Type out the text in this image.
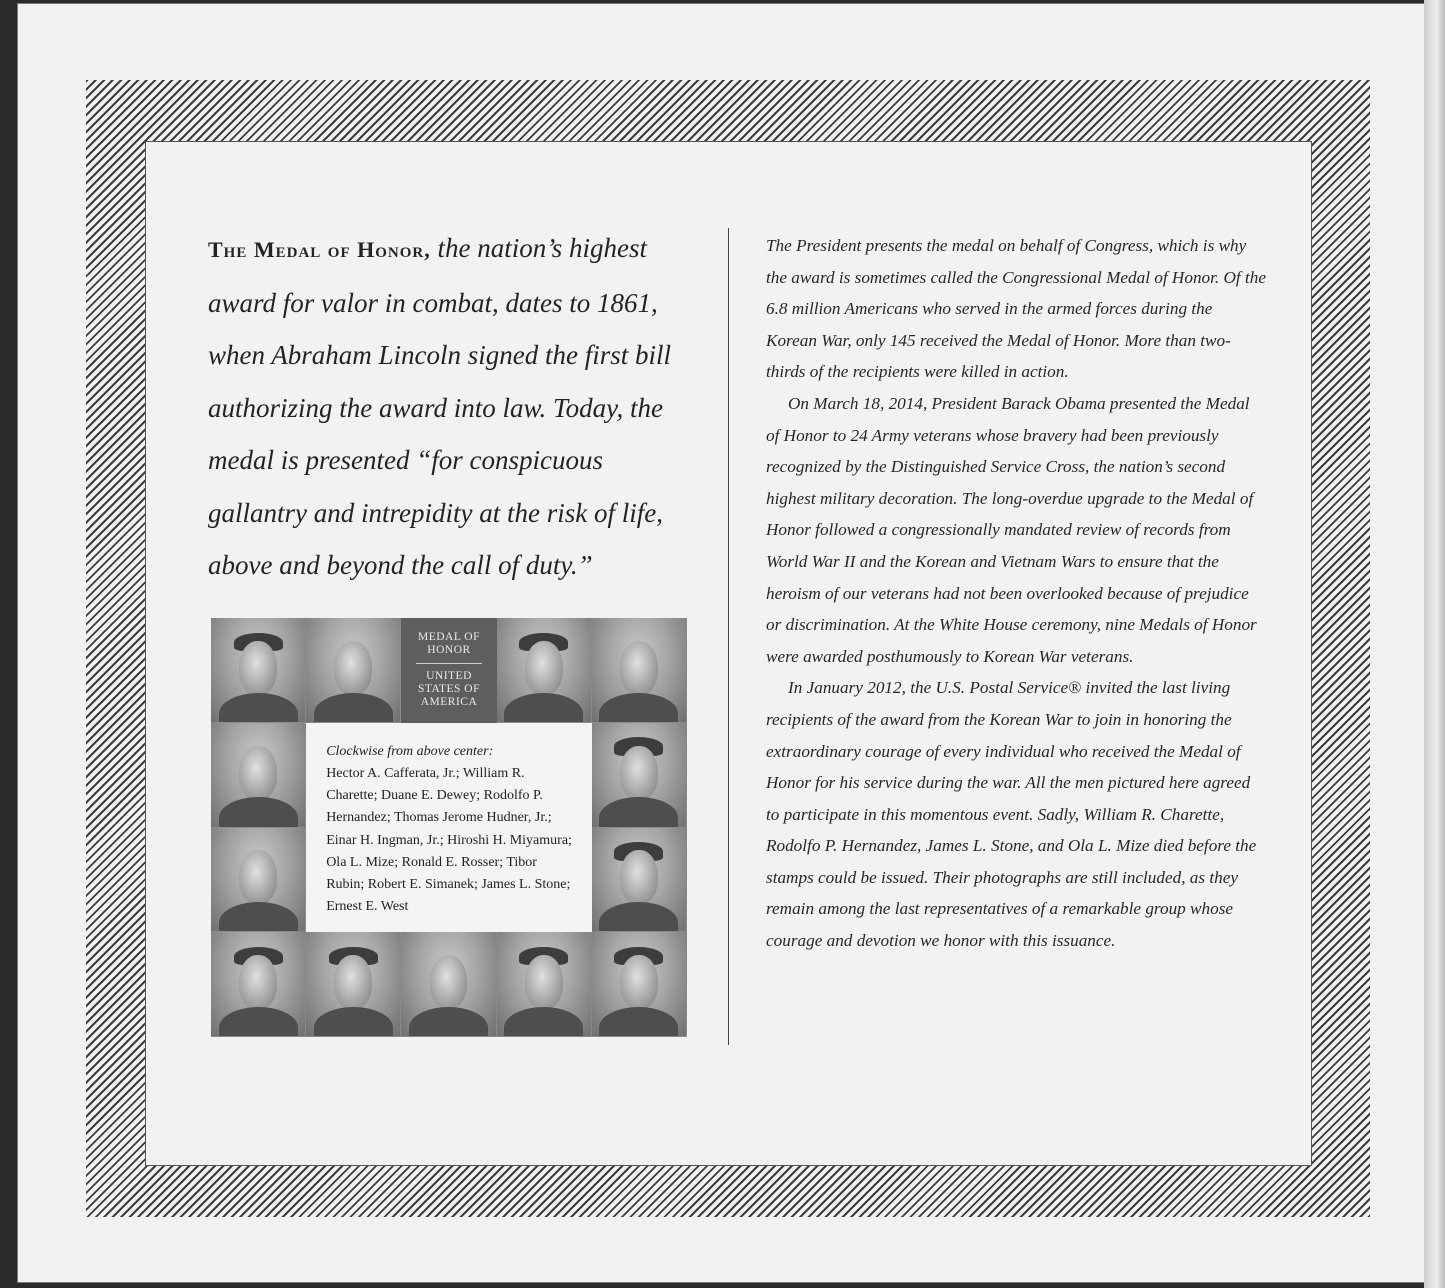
The Medal of Honor, the nation’s highest award for valor in combat, dates to 1861, when Abraham Lincoln signed the first bill authorizing the award into law. Today, the medal is presented “for conspicuous gallantry and intrepidity at the risk of life, above and beyond the call of duty.”
MEDAL OF
HONOR
UNITED
STATES OF
AMERICA
Clockwise from above center:
Hector A. Cafferata, Jr.; William R. Charette; Duane E. Dewey; Rodolfo P. Hernandez; Thomas Jerome Hudner, Jr.; Einar H. Ingman, Jr.; Hiroshi H. Miyamura; Ola L. Mize; Ronald E. Rosser; Tibor Rubin; Robert E. Simanek; James L. Stone; Ernest E. West

The President presents the medal on behalf of Congress, which is why the award is sometimes called the Congressional Medal of Honor. Of the 6.8 million Americans who served in the armed forces during the Korean War, only 145 received the Medal of Honor. More than two-thirds of the recipients were killed in action.

On March 18, 2014, President Barack Obama presented the Medal of Honor to 24 Army veterans whose bravery had been previously recognized by the Distinguished Service Cross, the nation’s second highest military decoration. The long-overdue upgrade to the Medal of Honor followed a congressionally mandated review of records from World War II and the Korean and Vietnam Wars to ensure that the heroism of our veterans had not been overlooked because of prejudice or discrimination. At the White House ceremony, nine Medals of Honor were awarded posthumously to Korean War veterans.

In January 2012, the U.S. Postal Service® invited the last living recipients of the award from the Korean War to join in honoring the extraordinary courage of every individual who received the Medal of Honor for his service during the war. All the men pictured here agreed to participate in this momentous event. Sadly, William R. Charette, Rodolfo P. Hernandez, James L. Stone, and Ola L. Mize died before the stamps could be issued. Their photographs are still included, as they remain among the last representatives of a remarkable group whose courage and devotion we honor with this issuance.
